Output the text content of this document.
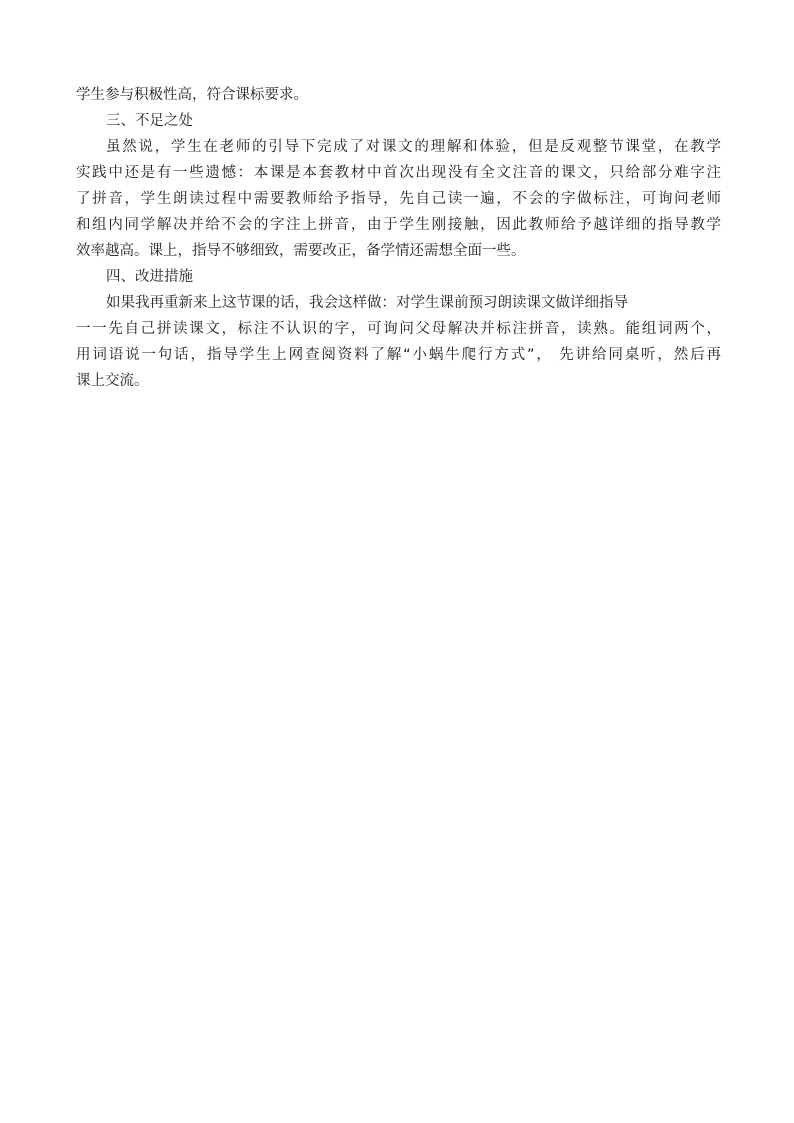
学生参与积极性高，符合课标要求。
三、不足之处
虽然说，学生在老师的引导下完成了对课文的理解和体验，但是反观整节课堂，在教学
实践中还是有一些遗憾：本课是本套教材中首次出现没有全文注音的课文，只给部分难字注
了拼音，学生朗读过程中需要教师给予指导，先自己读一遍，不会的字做标注，可询问老师
和组内同学解决并给不会的字注上拼音，由于学生刚接触，因此教师给予越详细的指导教学
效率越高。课上，指导不够细致，需要改正，备学情还需想全面一些。
四、改进措施
如果我再重新来上这节课的话，我会这样做：对学生课前预习朗读课文做详细指导
一一先自己拼读课文，标注不认识的字，可询问父母解决并标注拼音，读熟。能组词两个，
用词语说一句话，指导学生上网查阅资料了解“小蜗牛爬行方式”， 先讲给同桌听，然后再
课上交流。
